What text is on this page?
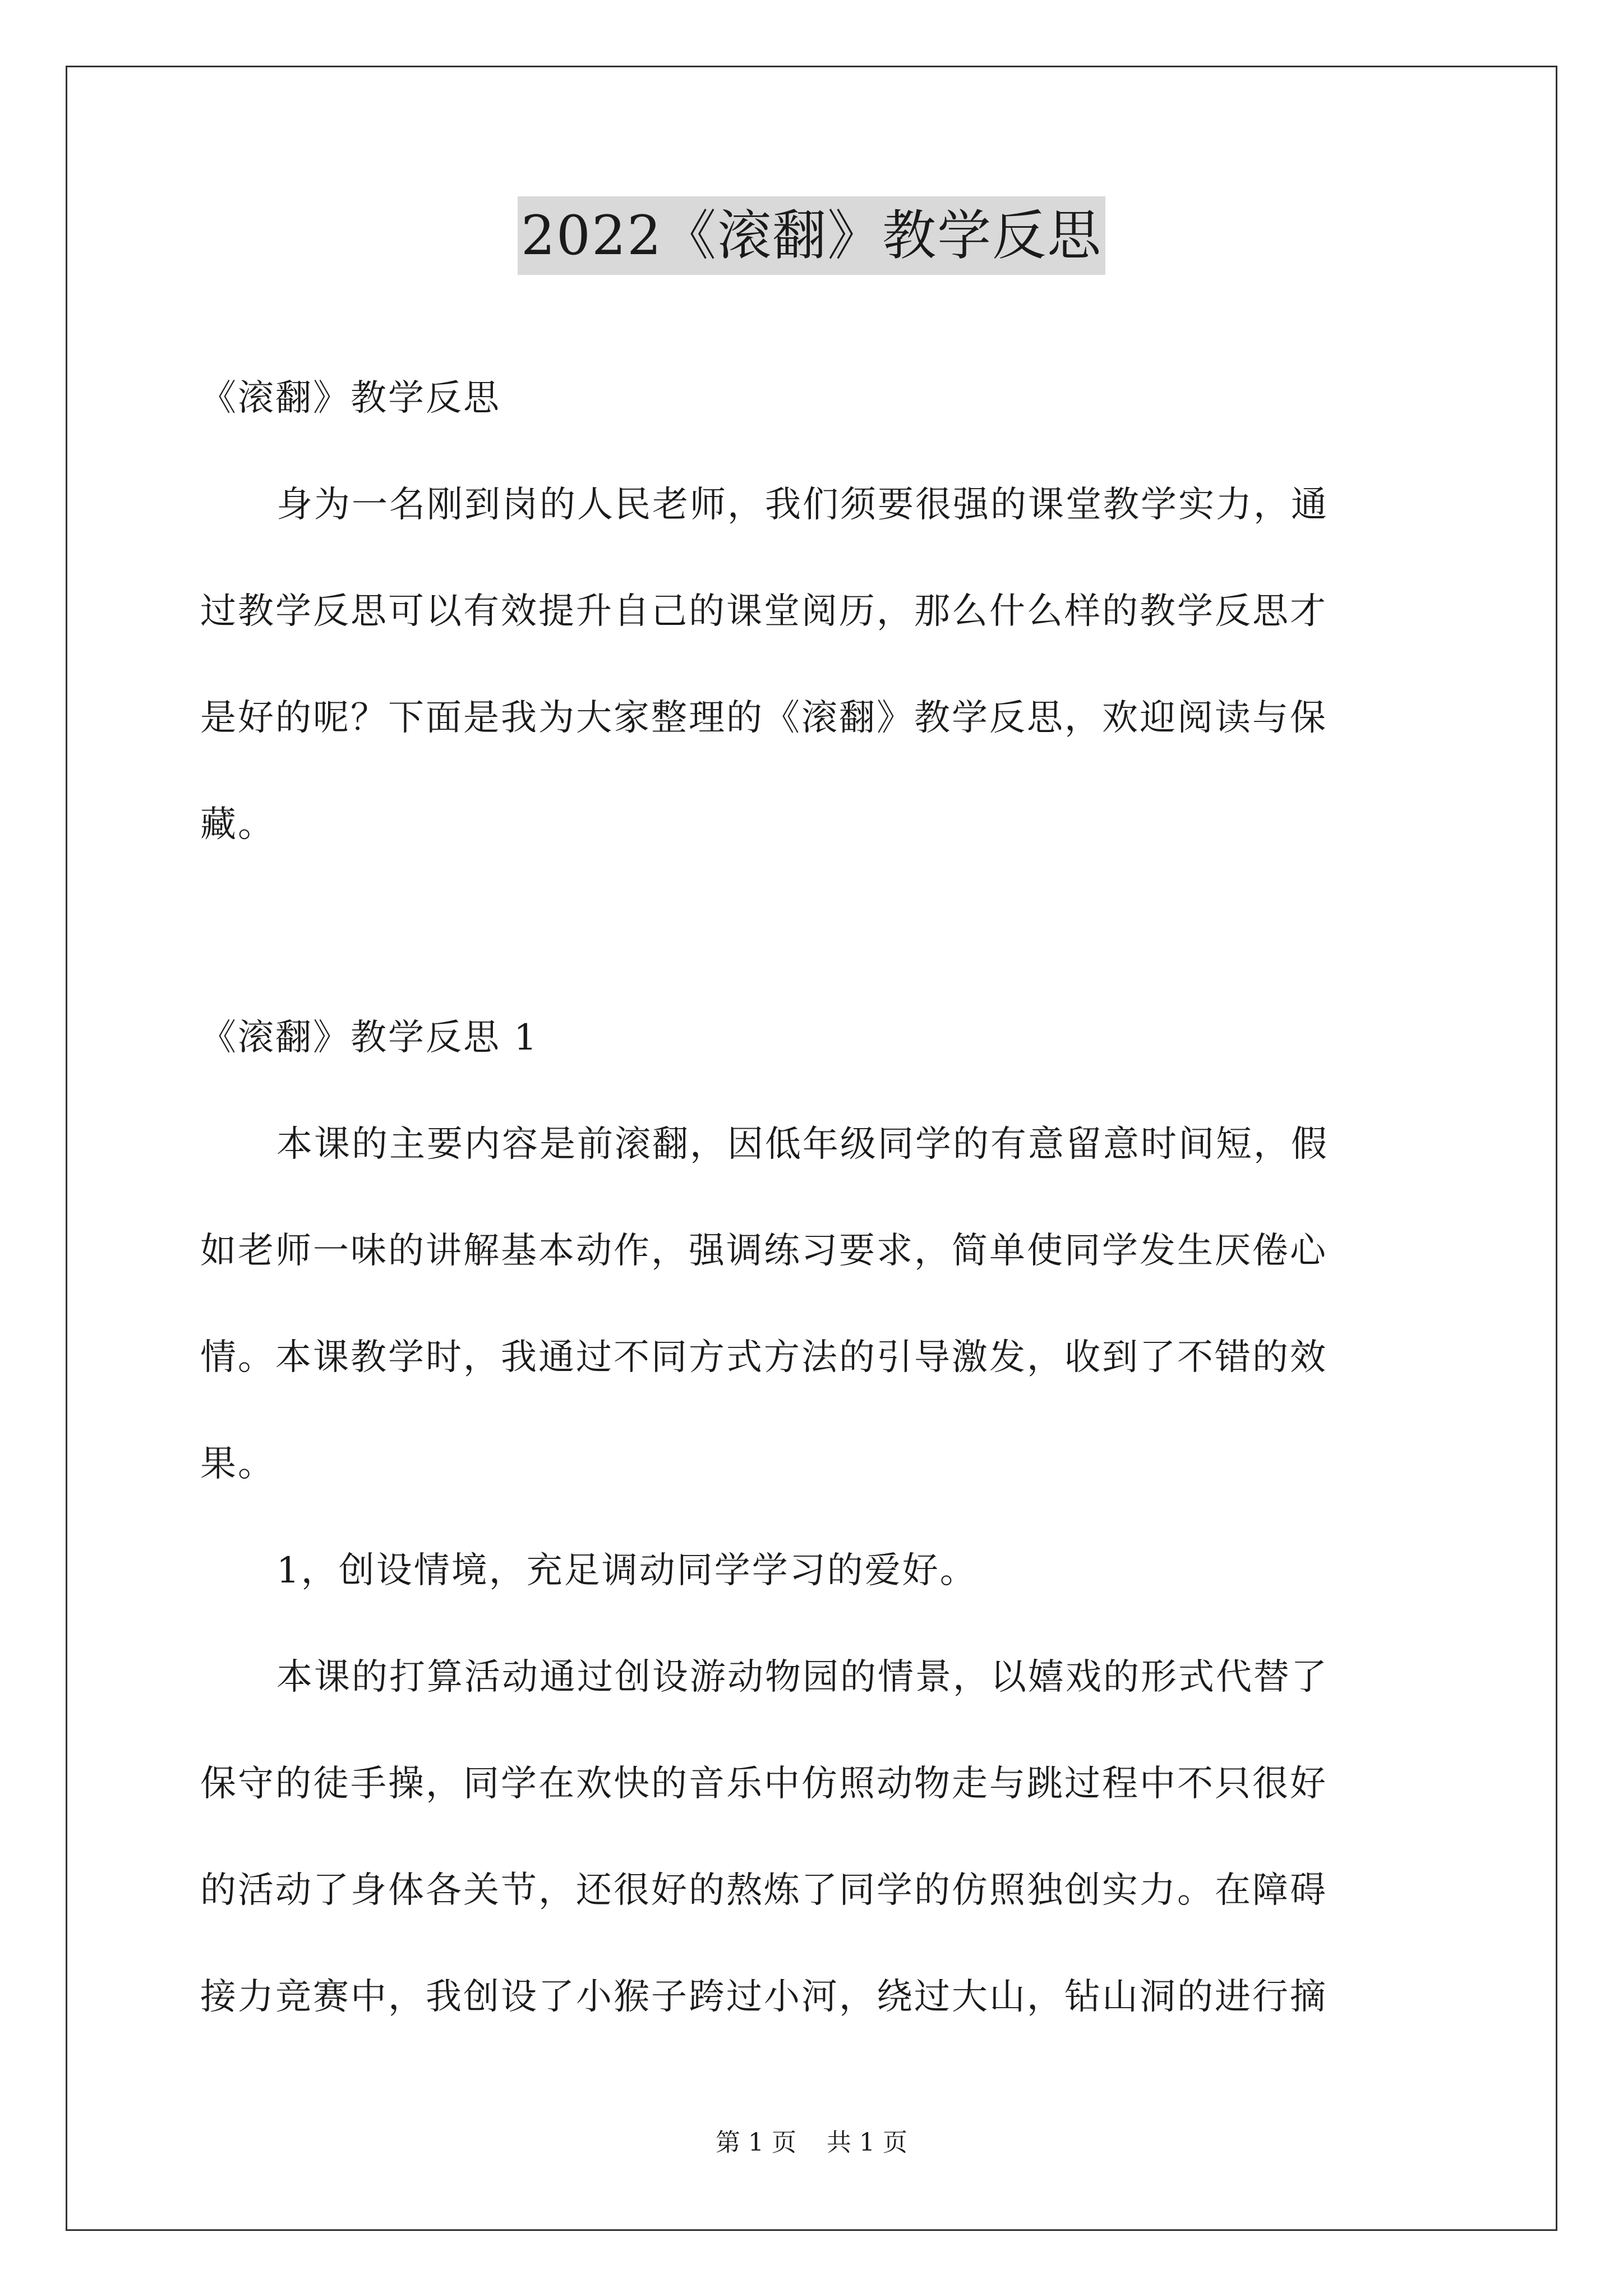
2022《滚翻》教学反思
《滚翻》教学反思
身为一名刚到岗的人民老师，我们须要很强的课堂教学实力，通
过教学反思可以有效提升自己的课堂阅历，那么什么样的教学反思才
是好的呢？下面是我为大家整理的《滚翻》教学反思，欢迎阅读与保
藏。
《滚翻》教学反思 1
本课的主要内容是前滚翻，因低年级同学的有意留意时间短，假
如老师一味的讲解基本动作，强调练习要求，简单使同学发生厌倦心
情。本课教学时，我通过不同方式方法的引导激发，收到了不错的效
果。
1，创设情境，充足调动同学学习的爱好。
本课的打算活动通过创设游动物园的情景，以嬉戏的形式代替了
保守的徒手操，同学在欢快的音乐中仿照动物走与跳过程中不只很好
的活动了身体各关节，还很好的熬炼了同学的仿照独创实力。在障碍
接力竞赛中，我创设了小猴子跨过小河，绕过大山，钻山洞的进行摘
第 1 页 共 1 页
